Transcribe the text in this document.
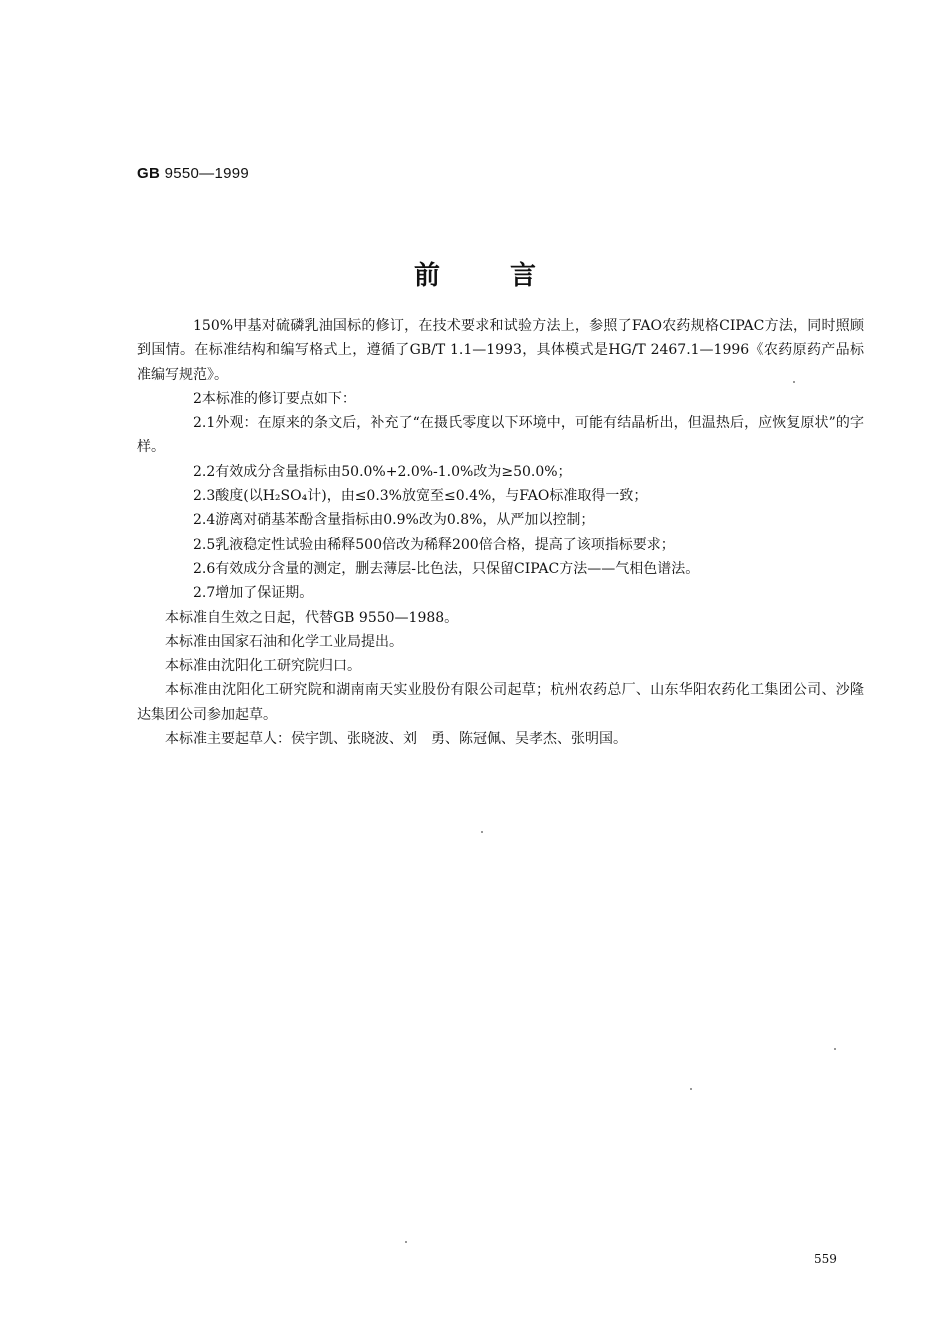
GB 9550—1999
前言

150%甲基对硫磷乳油国标的修订，在技术要求和试验方法上，参照了FAO农药规格CIPAC方法，同时照顾到国情。在标准结构和编写格式上，遵循了GB/T 1.1—1993，具体模式是HG/T 2467.1—1996《农药原药产品标准编写规范》。

2本标准的修订要点如下：

2.1外观：在原来的条文后，补充了“在摄氏零度以下环境中，可能有结晶析出，但温热后，应恢复原状”的字样。

2.2有效成分含量指标由50.0%+2.0%-1.0%改为≥50.0%；

2.3酸度(以H₂SO₄计)，由≤0.3%放宽至≤0.4%，与FAO标准取得一致；

2.4游离对硝基苯酚含量指标由0.9%改为0.8%，从严加以控制；

2.5乳液稳定性试验由稀释500倍改为稀释200倍合格，提高了该项指标要求；

2.6有效成分含量的测定，删去薄层-比色法，只保留CIPAC方法——气相色谱法。

2.7增加了保证期。

本标准自生效之日起，代替GB 9550—1988。

本标准由国家石油和化学工业局提出。

本标准由沈阳化工研究院归口。

本标准由沈阳化工研究院和湖南南天实业股份有限公司起草；杭州农药总厂、山东华阳农药化工集团公司、沙隆达集团公司参加起草。

本标准主要起草人：侯宇凯、张晓波、刘　勇、陈冠佩、吴孝杰、张明国。

559
